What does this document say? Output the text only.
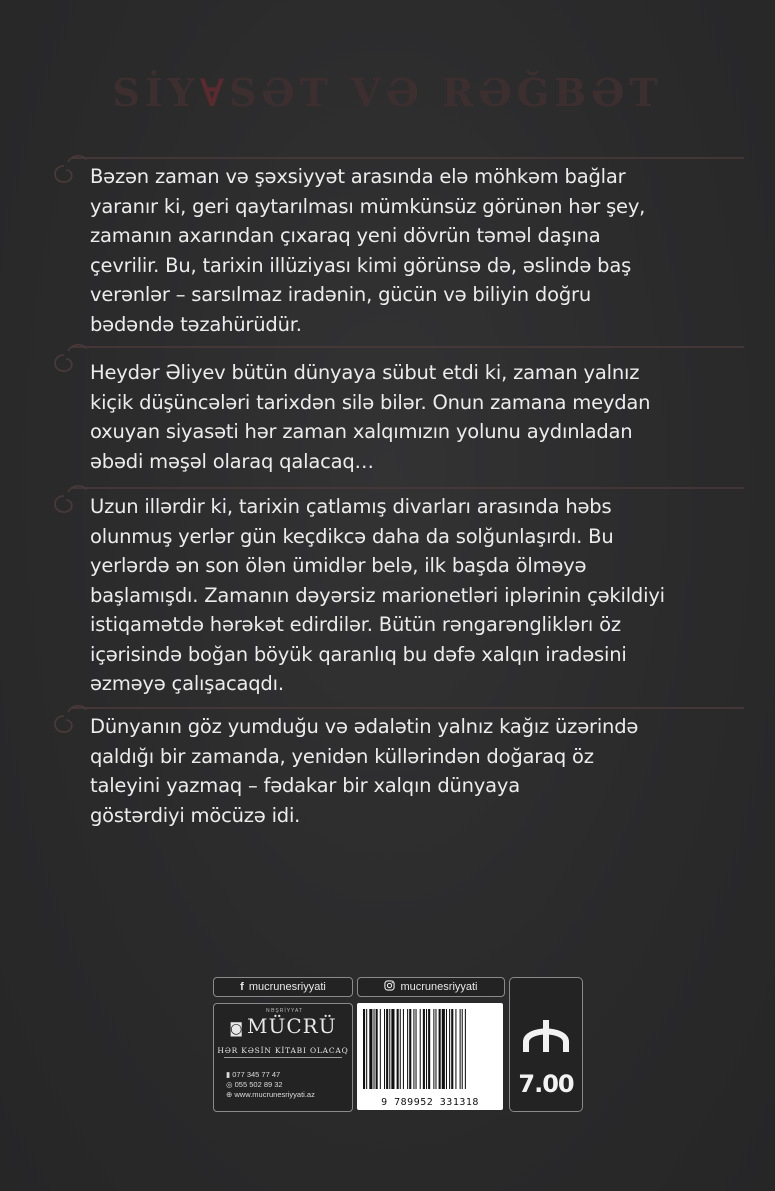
SİY∀SƏT VƏ RƏĞBƏT
Bəzən zaman və şəxsiyyət arasında elə möhkəm bağlar
yaranır ki, geri qaytarılması mümkünsüz görünən hər şey,
zamanın axarından çıxaraq yeni dövrün təməl daşına
çevrilir. Bu, tarixin illüziyası kimi görünsə də, əslində baş
verənlər – sarsılmaz iradənin, gücün və biliyin doğru
bədəndə təzahürüdür.
Heydər Əliyev bütün dünyaya sübut etdi ki, zaman yalnız
kiçik düşüncələri tarixdən silə bilər. Onun zamana meydan
oxuyan siyasəti hər zaman xalqımızın yolunu aydınladan
əbədi məşəl olaraq qalacaq…
Uzun illərdir ki, tarixin çatlamış divarları arasında həbs
olunmuş yerlər gün keçdikcə daha da solğunlaşırdı. Bu
yerlərdə ən son ölən ümidlər belə, ilk başda ölməyə
başlamışdı. Zamanın dəyərsiz marionetləri iplərinin çəkildiyi
istiqamətdə hərəkət edirdilər. Bütün rəngarəngliklərı öz
içərisində boğan böyük qaranlıq bu dəfə xalqın iradəsini
əzməyə çalışacaqdı.
Dünyanın göz yumduğu və ədalətin yalnız kağız üzərində
qaldığı bir zamanda, yenidən küllərindən doğaraq öz
taleyini yazmaq – fədakar bir xalqın dünyaya
göstərdiyi möcüzə idi.
f mucrunesriyyati	mucrunesriyyati
NƏŞRİYYAT
◙ MÜCRÜ
HƏR KƏSİN KİTABI OLACAQ
▮ 077 345 77 47
◎ 055 502 89 32
⊕ www.mucrunesriyyati.az
9 789952 331318
7.00
